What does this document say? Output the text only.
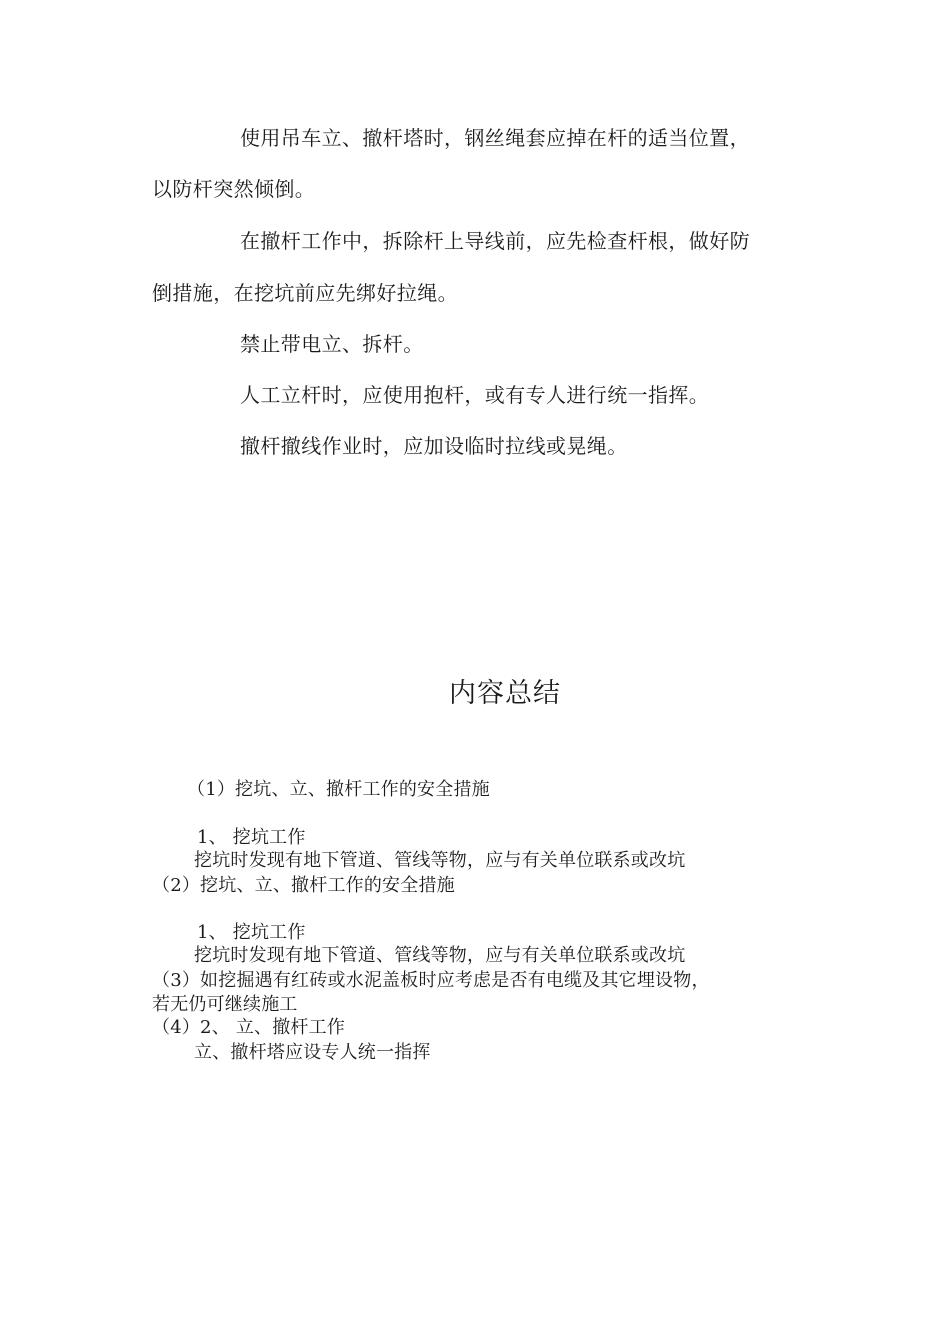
使用吊车立、撤杆塔时，钢丝绳套应掉在杆的适当位置，
以防杆突然倾倒。
在撤杆工作中，拆除杆上导线前，应先检查杆根，做好防
倒措施，在挖坑前应先绑好拉绳。
禁止带电立、拆杆。
人工立杆时，应使用抱杆，或有专人进行统一指挥。
撤杆撤线作业时，应加设临时拉线或晃绳。
内容总结
（1）挖坑、立、撤杆工作的安全措施
1、 挖坑工作
挖坑时发现有地下管道、管线等物，应与有关单位联系或改坑
（2）挖坑、立、撤杆工作的安全措施
1、 挖坑工作
挖坑时发现有地下管道、管线等物，应与有关单位联系或改坑
（3）如挖掘遇有红砖或水泥盖板时应考虑是否有电缆及其它埋设物，
若无仍可继续施工
（4）2、 立、撤杆工作
立、撤杆塔应设专人统一指挥
